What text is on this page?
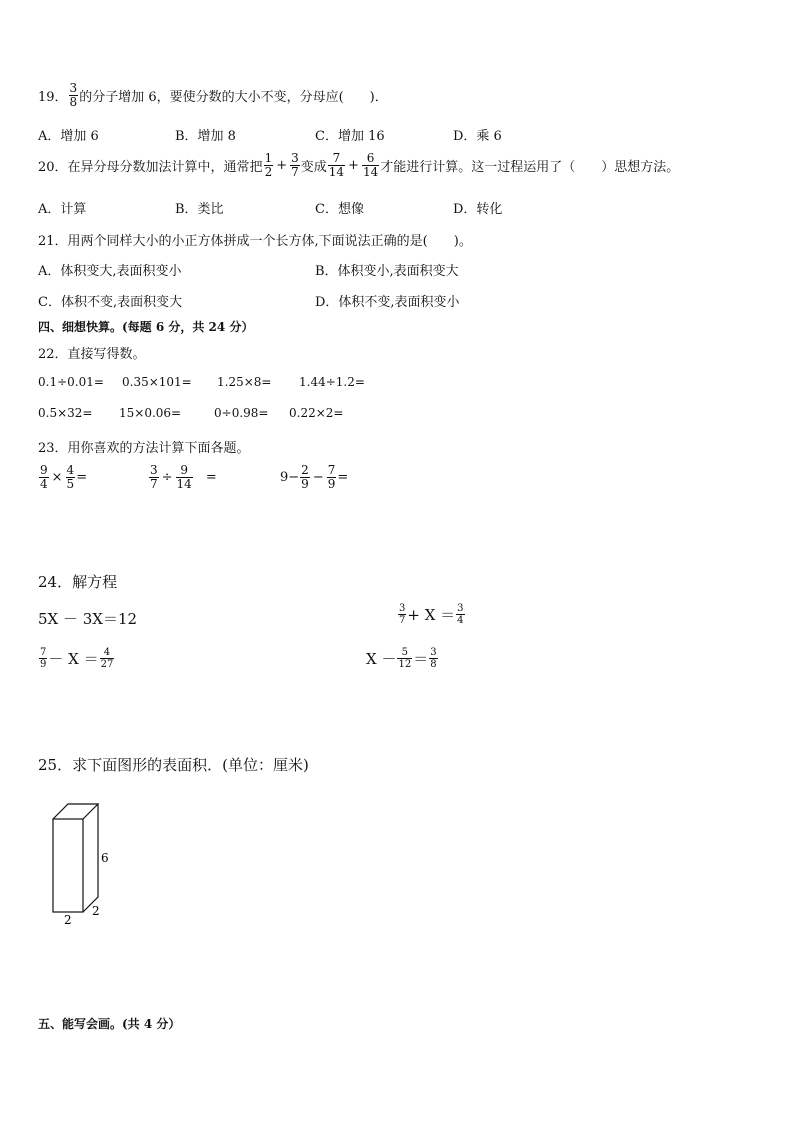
19． $\frac{3}{8}$ 的分子增加 6，要使分数的大小不变，分母应(　　)．
A．增加 6	B．增加 8	C．增加 16	D．乘 6
20． 在异分母分数加法计算中，通常把 $\frac{1}{2} + \frac{3}{7}$ 变成 $\frac{7}{14} + \frac{6}{14}$ 才能进行计算。这一过程运用了（　　）思想方法。
A．计算	B．类比	C．想像	D．转化
21．用两个同样大小的小正方体拼成一个长方体,下面说法正确的是(　　)。
A．体积变大,表面积变小	B．体积变小,表面积变大
C．体积不变,表面积变大	D．体积不变,表面积变小
四、细想快算。(每题 6 分，共 24 分）
22．直接写得数。
0.1÷0.01= 0.35×101= 1.25×8= 1.44÷1.2=
0.5×32= 15×0.06=	0÷0.98= 0.22×2=
23．用你喜欢的方法计算下面各题。
$\frac{9}{4} \times \frac{4}{5}$ =	$\frac{3}{7} \div \frac{9}{14}$ =	$9- \frac{2}{9} - \frac{7}{9}$ =
24．解方程
5X － 3X＝12	$\frac{3}{7} + X = \frac{3}{4}$
$\frac{7}{9} - X = \frac{4}{27}$	$X - \frac{5}{12} = \frac{3}{8}$
25．求下面图形的表面积．(单位：厘米)
6
2
2
五、能写会画。(共 4 分）
